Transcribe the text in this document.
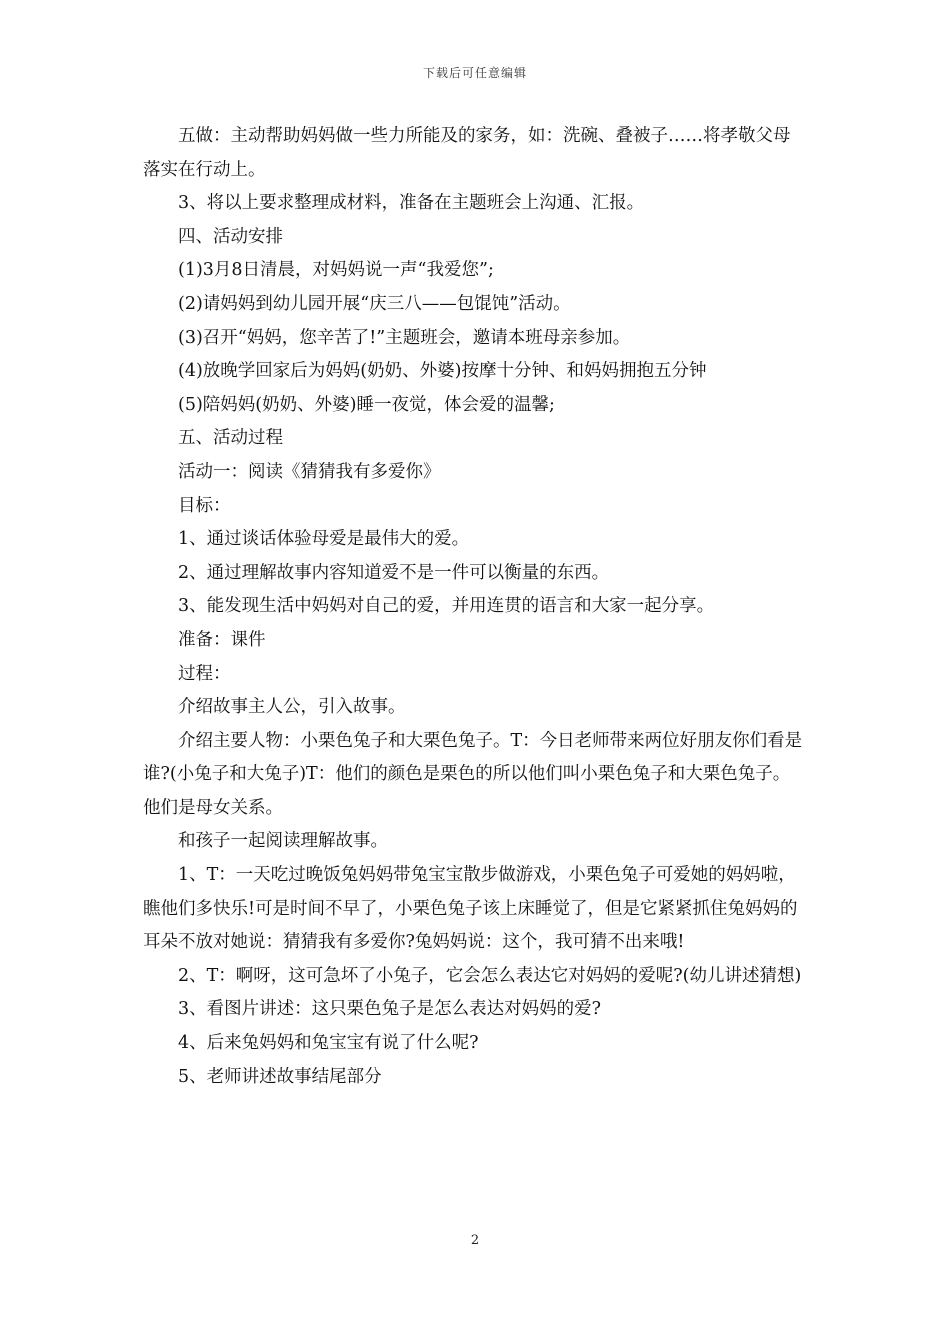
下载后可任意编辑

五做：主动帮助妈妈做一些力所能及的家务，如：洗碗、叠被子……将孝敬父母落实在行动上。

3、将以上要求整理成材料，准备在主题班会上沟通、汇报。

四、活动安排

(1)3月8日清晨，对妈妈说一声“我爱您”;

(2)请妈妈到幼儿园开展“庆三八——包馄饨”活动。

(3)召开“妈妈，您辛苦了!”主题班会，邀请本班母亲参加。

(4)放晚学回家后为妈妈(奶奶、外婆)按摩十分钟、和妈妈拥抱五分钟

(5)陪妈妈(奶奶、外婆)睡一夜觉，体会爱的温馨;

五、活动过程

活动一：阅读《猜猜我有多爱你》

目标：

1、通过谈话体验母爱是最伟大的爱。

2、通过理解故事内容知道爱不是一件可以衡量的东西。

3、能发现生活中妈妈对自己的爱，并用连贯的语言和大家一起分享。

准备：课件

过程：

介绍故事主人公，引入故事。

介绍主要人物：小栗色兔子和大栗色兔子。T：今日老师带来两位好朋友你们看是谁?(小兔子和大兔子)T：他们的颜色是栗色的所以他们叫小栗色兔子和大栗色兔子。他们是母女关系。

和孩子一起阅读理解故事。

1、T：一天吃过晚饭兔妈妈带兔宝宝散步做游戏，小栗色兔子可爱她的妈妈啦，瞧他们多快乐!可是时间不早了，小栗色兔子该上床睡觉了，但是它紧紧抓住兔妈妈的耳朵不放对她说：猜猜我有多爱你?兔妈妈说：这个，我可猜不出来哦!

2、T：啊呀，这可急坏了小兔子，它会怎么表达它对妈妈的爱呢?(幼儿讲述猜想)

3、看图片讲述：这只栗色兔子是怎么表达对妈妈的爱?

4、后来兔妈妈和兔宝宝有说了什么呢?

5、老师讲述故事结尾部分

2
